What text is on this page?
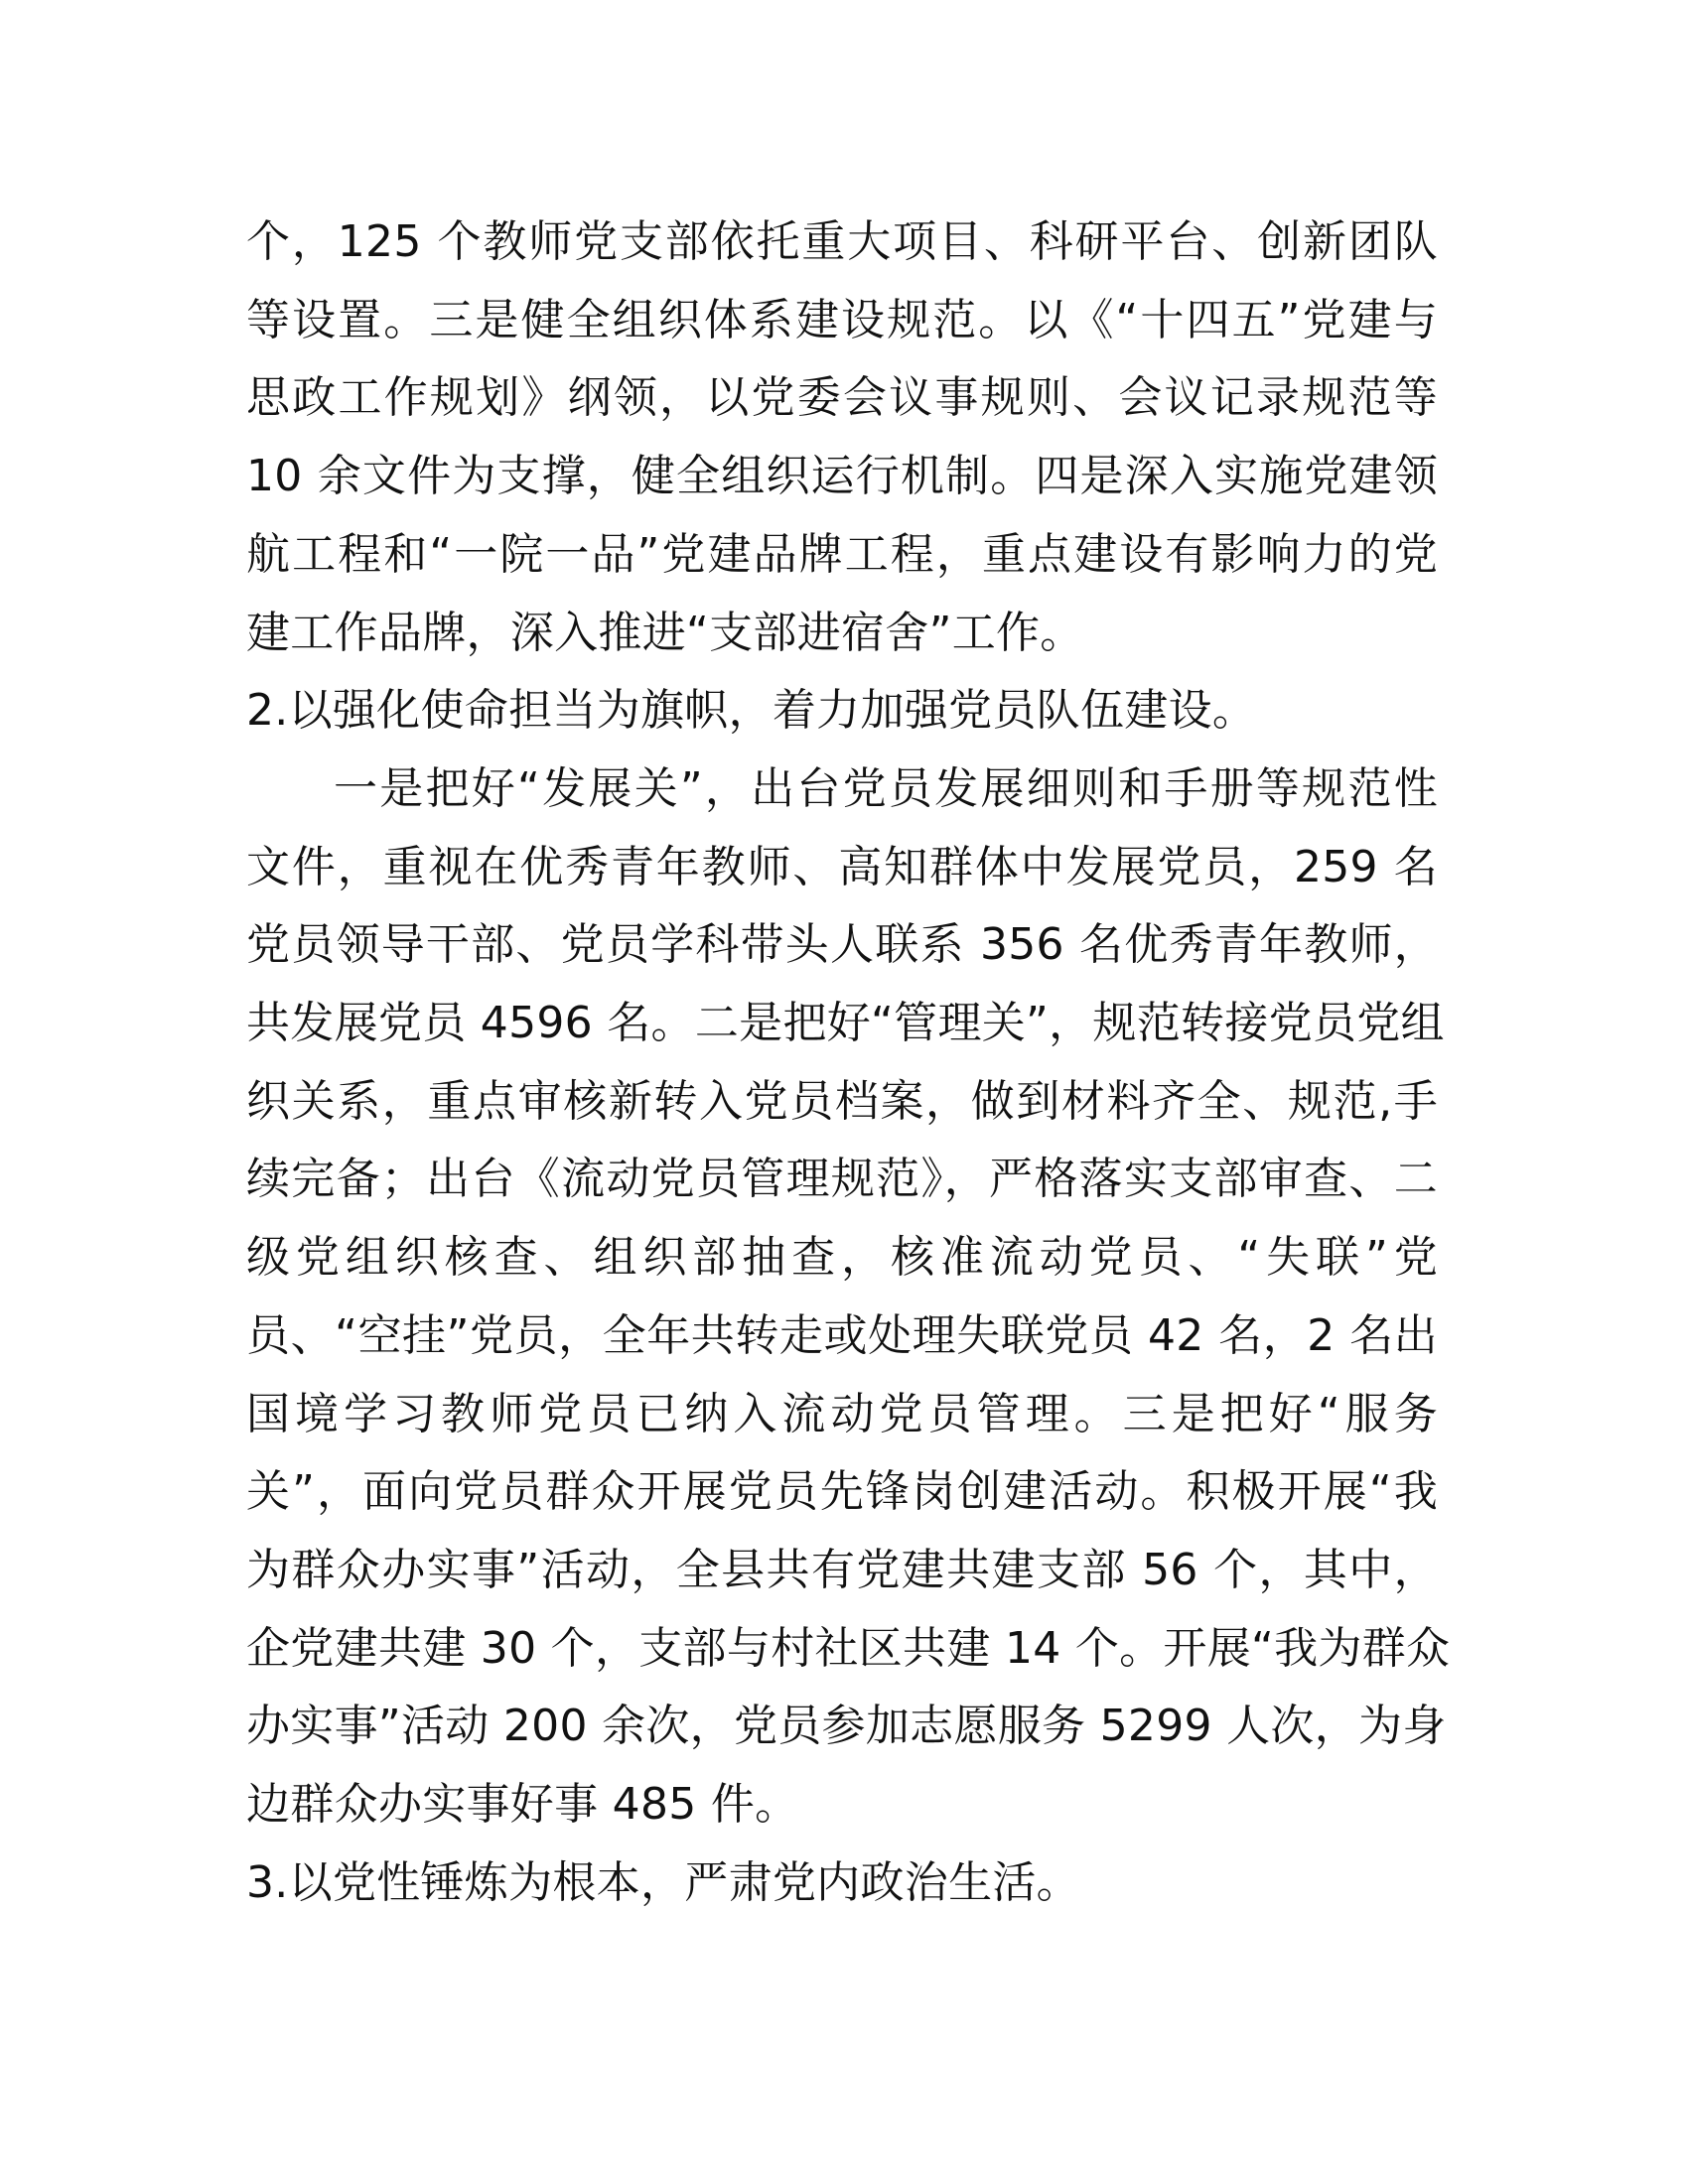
个，125 个教师党支部依托重大项目、科研平台、创新团队
等设置。三是健全组织体系建设规范。以《“十四五”党建与
思政工作规划》纲领，以党委会议事规则、会议记录规范等
10 余文件为支撑，健全组织运行机制。四是深入实施党建领
航工程和“一院一品”党建品牌工程，重点建设有影响力的党
建工作品牌，深入推进“支部进宿舍”工作。

2.以强化使命担当为旗帜，着力加强党员队伍建设。

一是把好“发展关”，出台党员发展细则和手册等规范性
文件，重视在优秀青年教师、高知群体中发展党员，259 名
党员领导干部、党员学科带头人联系 356 名优秀青年教师，
共发展党员 4596 名。二是把好“管理关”，规范转接党员党组
织关系，重点审核新转入党员档案，做到材料齐全、规范,手
续完备；出台《流动党员管理规范》，严格落实支部审查、二
级党组织核查、组织部抽查，核准流动党员、“失联”党
员、“空挂”党员，全年共转走或处理失联党员 42 名，2 名出
国境学习教师党员已纳入流动党员管理。三是把好“服务
关”，面向党员群众开展党员先锋岗创建活动。积极开展“我
为群众办实事”活动，全县共有党建共建支部 56 个，其中，
企党建共建 30 个，支部与村社区共建 14 个。开展“我为群众
办实事”活动 200 余次，党员参加志愿服务 5299 人次，为身
边群众办实事好事 485 件。

3.以党性锤炼为根本，严肃党内政治生活。
